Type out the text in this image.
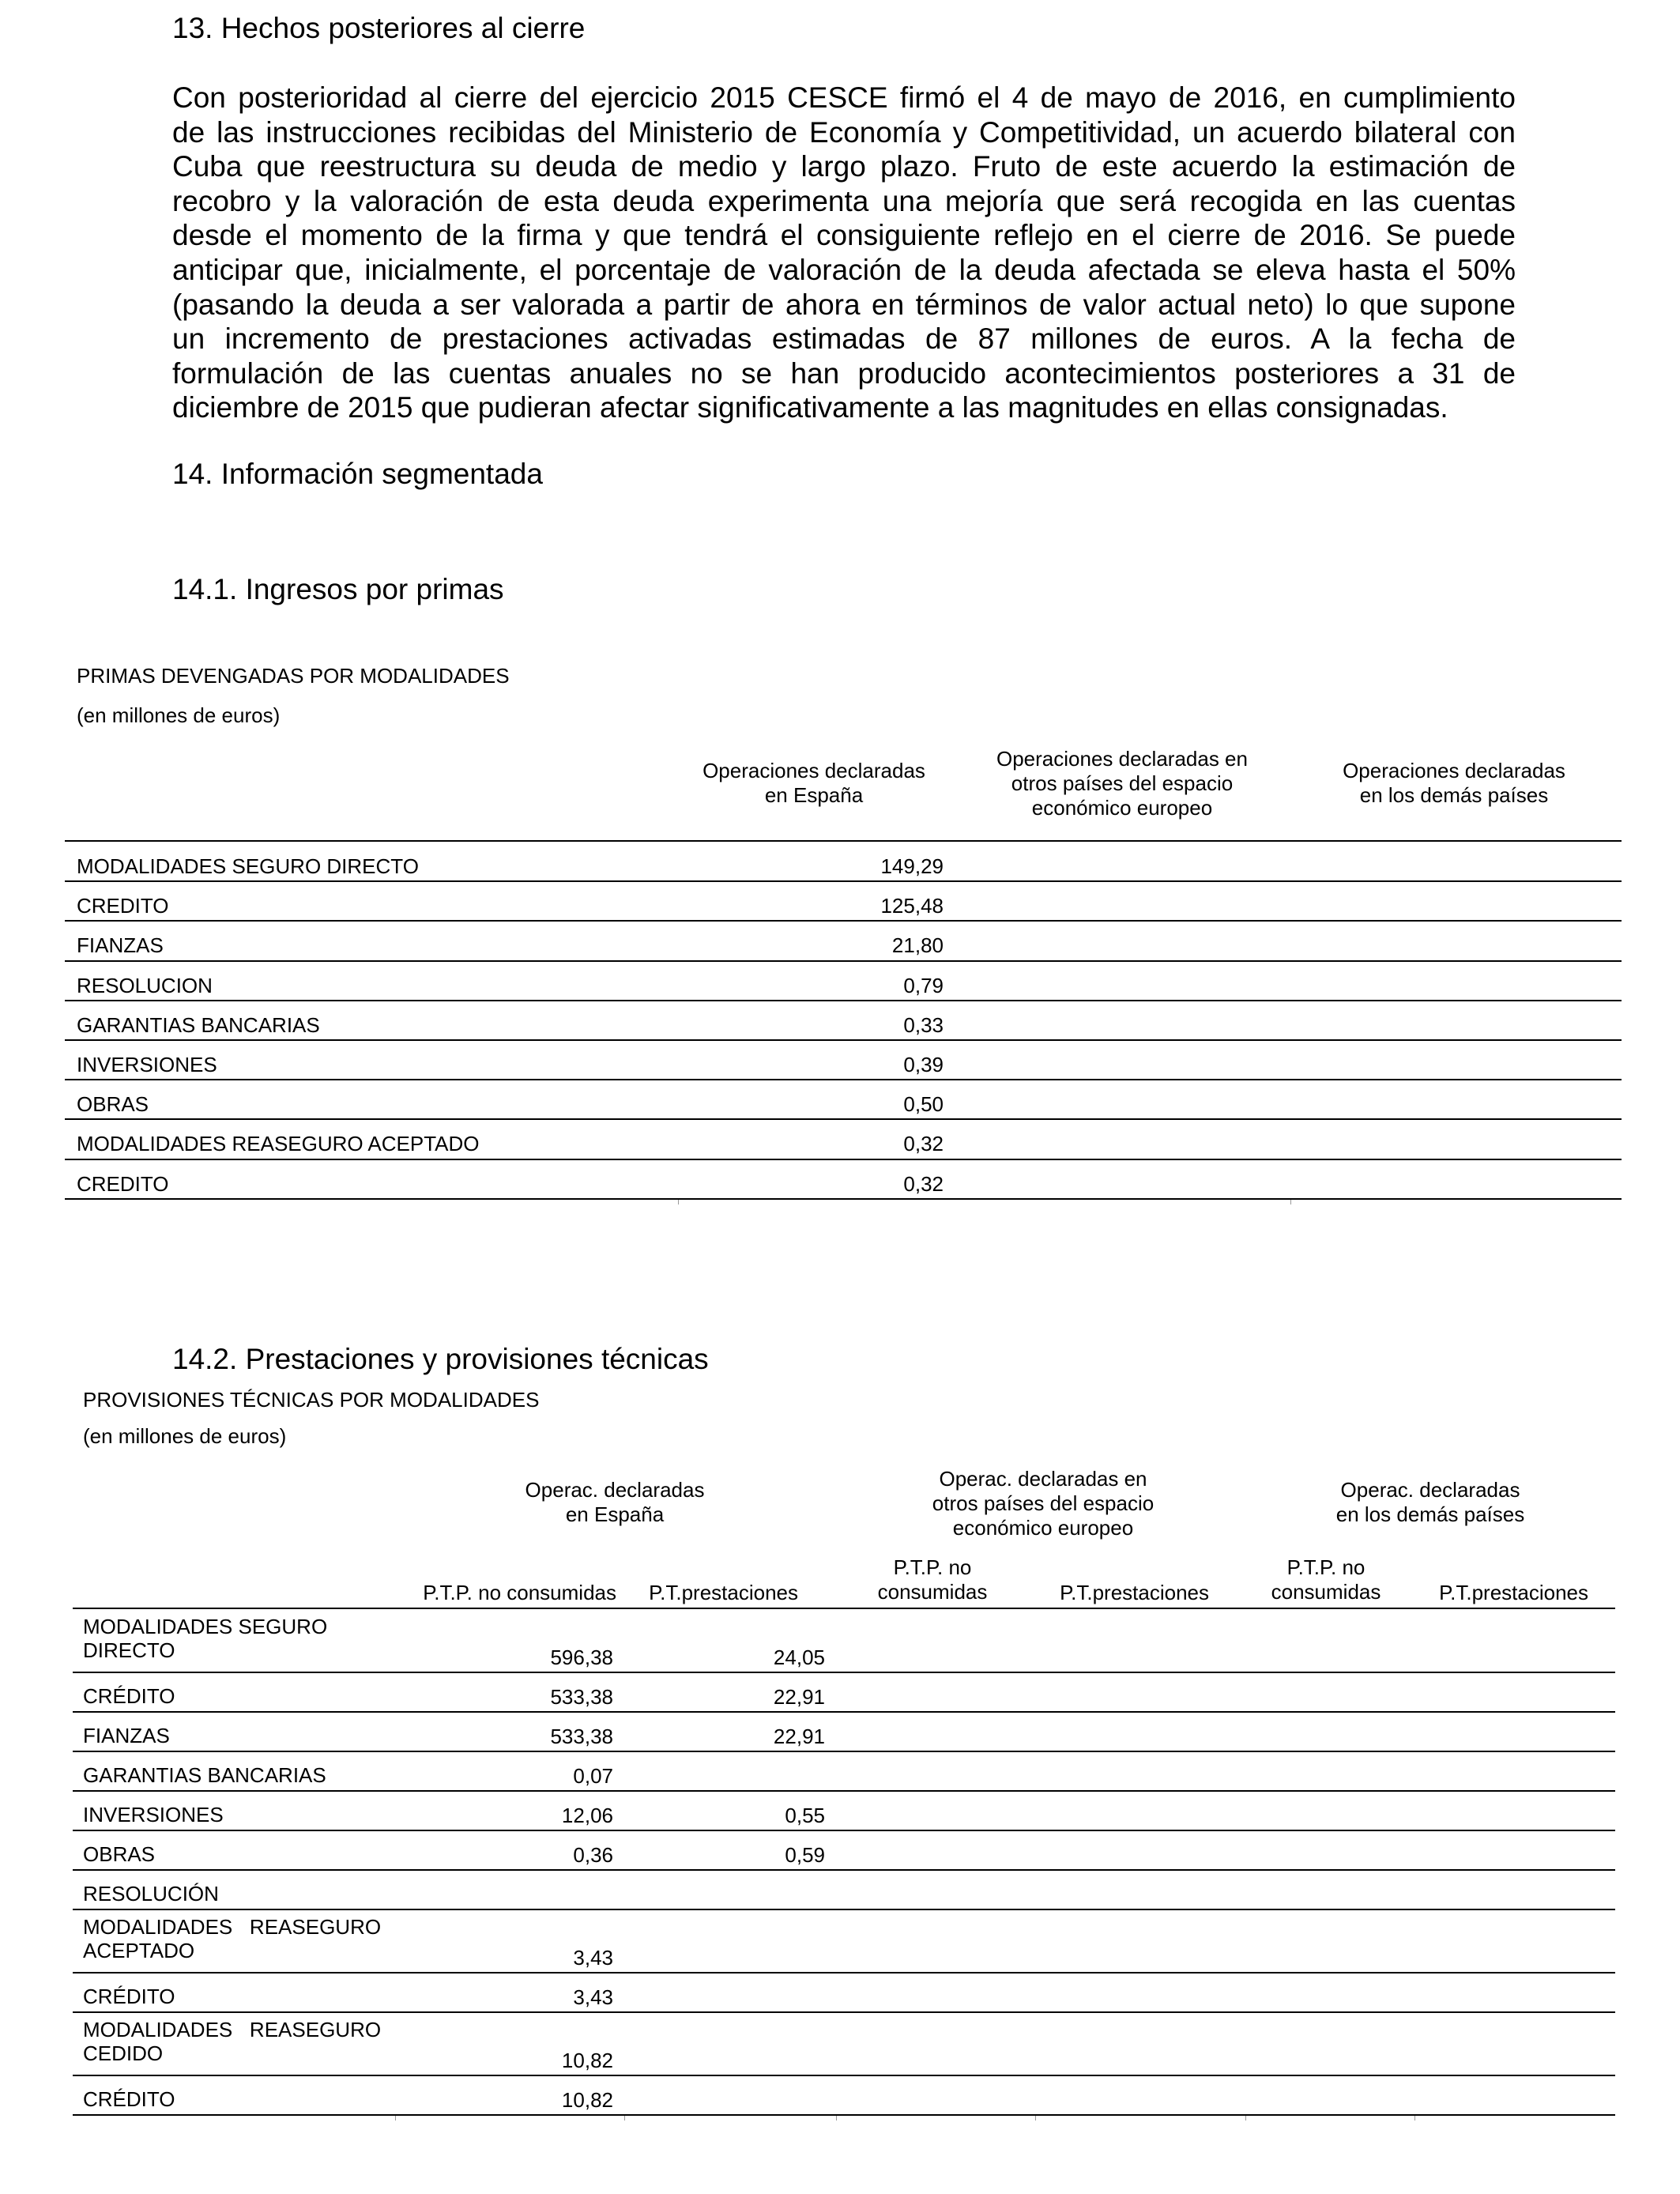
13. Hechos posteriores al cierre
Con posterioridad al cierre del ejercicio 2015 CESCE firmó el 4 de mayo de 2016, en cumplimiento
de las instrucciones recibidas del Ministerio de Economía y Competitividad, un acuerdo bilateral con
Cuba que reestructura su deuda de medio y largo plazo. Fruto de este acuerdo la estimación de
recobro y la valoración de esta deuda experimenta una mejoría que será recogida en las cuentas
desde el momento de la firma y que tendrá el consiguiente reflejo en el cierre de 2016. Se puede
anticipar que, inicialmente, el porcentaje de valoración de la deuda afectada se eleva hasta el 50%
(pasando la deuda a ser valorada a partir de ahora en términos de valor actual neto) lo que supone
un incremento de prestaciones activadas estimadas de 87 millones de euros. A la fecha de
formulación de las cuentas anuales no se han producido acontecimientos posteriores a 31 de
diciembre de 2015 que pudieran afectar significativamente a las magnitudes en ellas consignadas.
14. Información segmentada
14.1. Ingresos por primas
PRIMAS DEVENGADAS POR MODALIDADES
(en millones de euros)
Operaciones declaradas
en España
Operaciones declaradas en
otros países del espacio
económico europeo
Operaciones declaradas
en los demás países
MODALIDADES SEGURO DIRECTO	149,29
CREDITO	125,48
FIANZAS	21,80
RESOLUCION	0,79
GARANTIAS BANCARIAS	0,33
INVERSIONES	0,39
OBRAS	0,50
MODALIDADES REASEGURO ACEPTADO	0,32
CREDITO	0,32
14.2. Prestaciones y provisiones técnicas
PROVISIONES TÉCNICAS POR MODALIDADES
(en millones de euros)
Operac. declaradas
en España
Operac. declaradas en
otros países del espacio
económico europeo
Operac. declaradas
en los demás países
P.T.P. no consumidas	P.T.prestaciones
P.T.P. no
consumidas	P.T.prestaciones
P.T.P. no
consumidas	P.T.prestaciones
MODALIDADES SEGURO
DIRECTO	596,38	24,05
CRÉDITO	533,38	22,91
FIANZAS	533,38	22,91
GARANTIAS BANCARIAS	0,07
INVERSIONES	12,06	0,55
OBRAS	0,36	0,59
RESOLUCIÓN
MODALIDADES   REASEGURO
ACEPTADO	3,43
CRÉDITO	3,43
MODALIDADES   REASEGURO
CEDIDO	10,82
CRÉDITO	10,82
